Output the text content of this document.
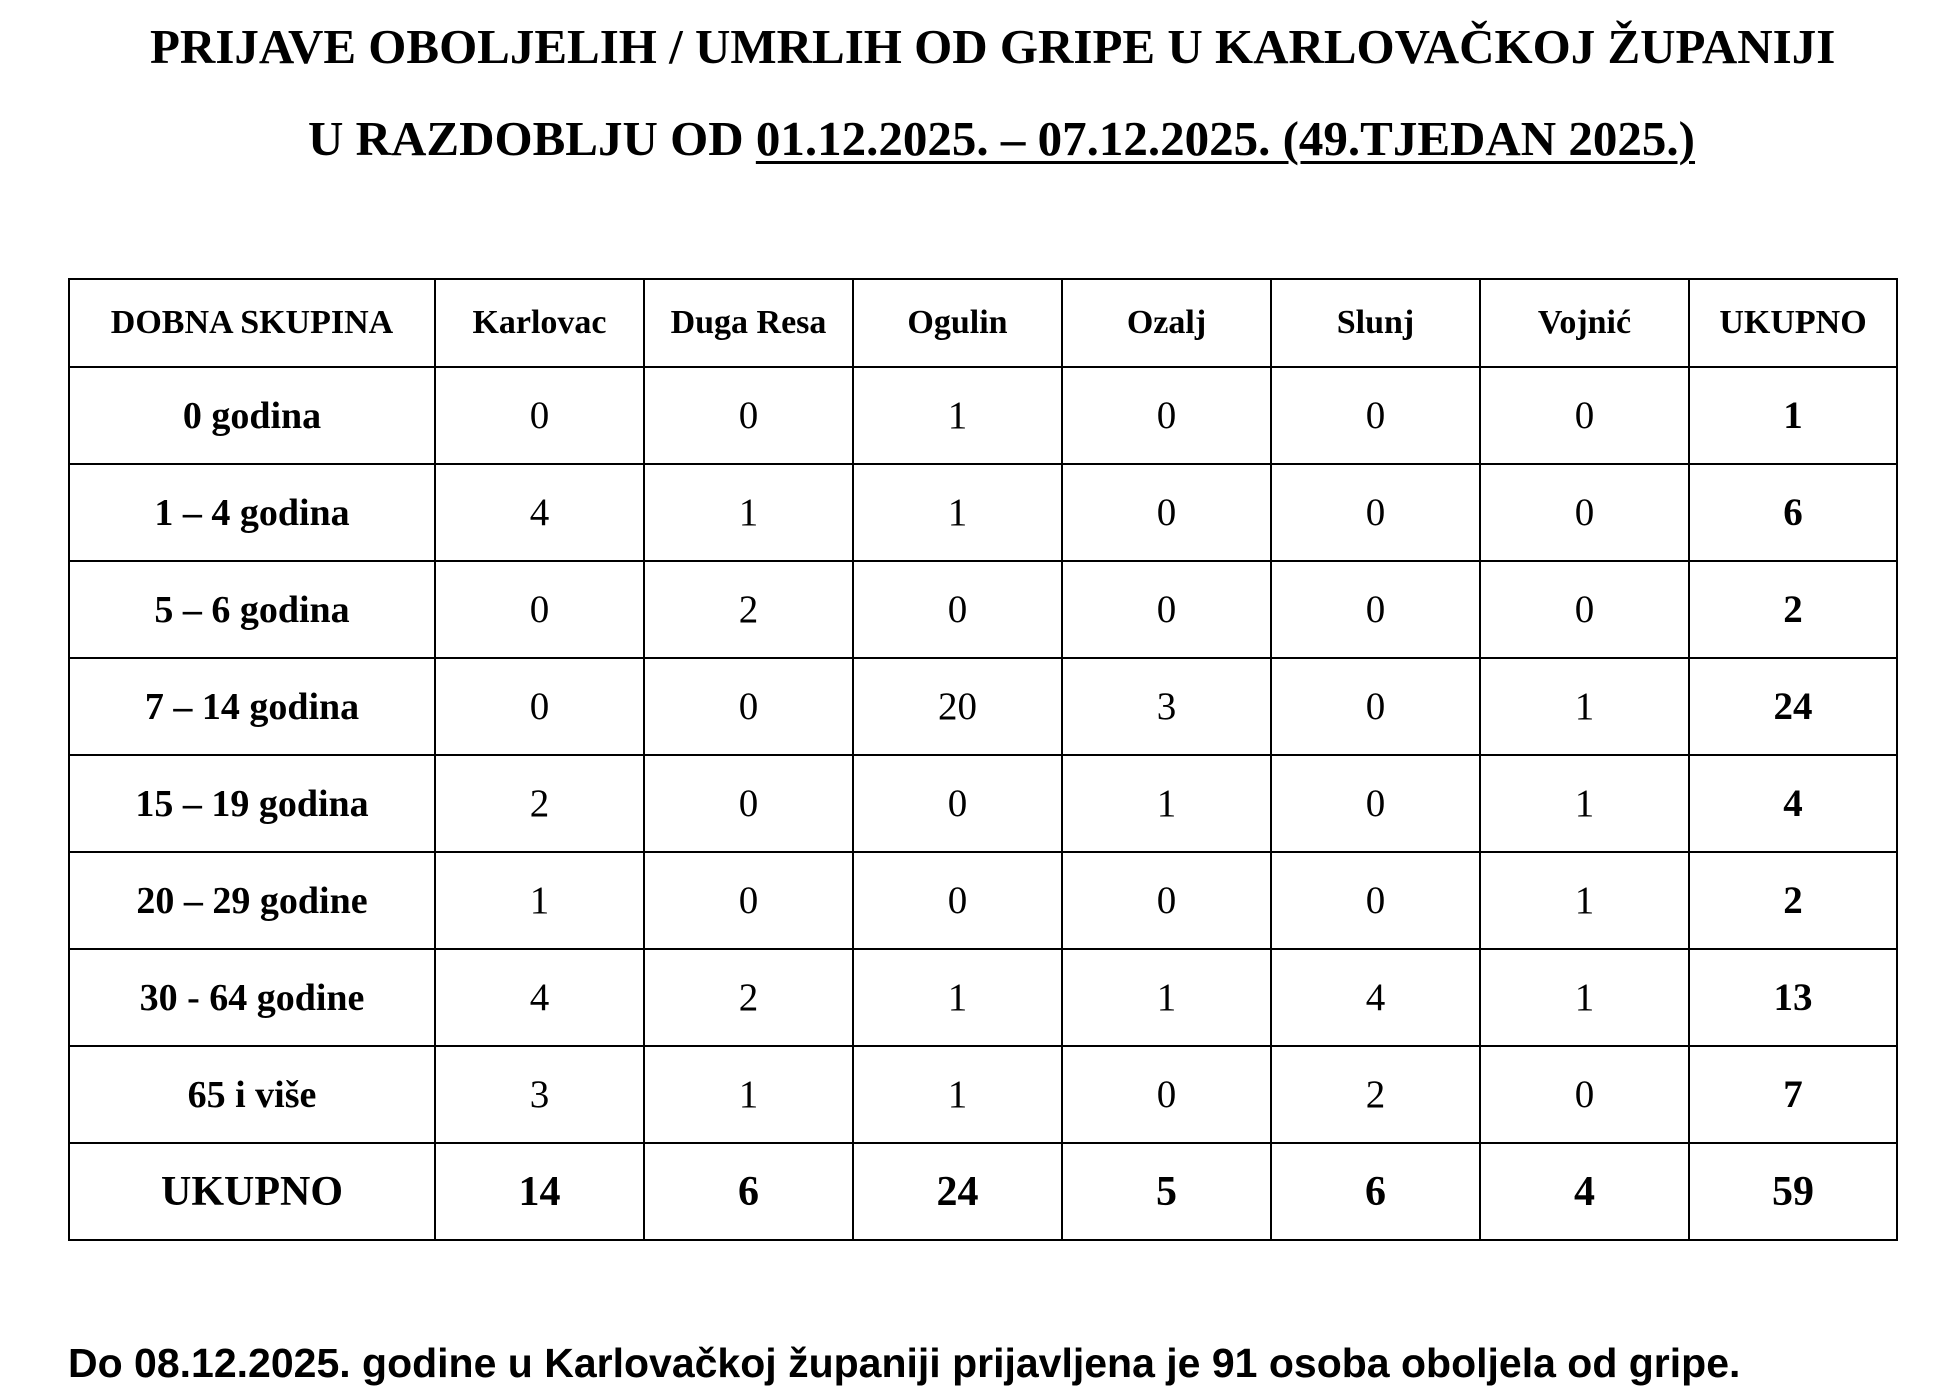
PRIJAVE OBOLJELIH / UMRLIH OD GRIPE U KARLOVAČKOJ ŽUPANIJI
U RAZDOBLJU OD 01.12.2025. – 07.12.2025. (49.TJEDAN 2025.)
DOBNA SKUPINA	Karlovac	Duga Resa	Ogulin	Ozalj	Slunj	Vojnić	UKUPNO
0 godina	0	0	1	0	0	0	1
1 – 4 godina	4	1	1	0	0	0	6
5 – 6 godina	0	2	0	0	0	0	2
7 – 14 godina	0	0	20	3	0	1	24
15 – 19 godina	2	0	0	1	0	1	4
20 – 29 godine	1	0	0	0	0	1	2
30 - 64 godine	4	2	1	1	4	1	13
65 i više	3	1	1	0	2	0	7
UKUPNO	14	6	24	5	6	4	59
Do 08.12.2025. godine u Karlovačkoj županiji prijavljena je 91 osoba oboljela od gripe.
